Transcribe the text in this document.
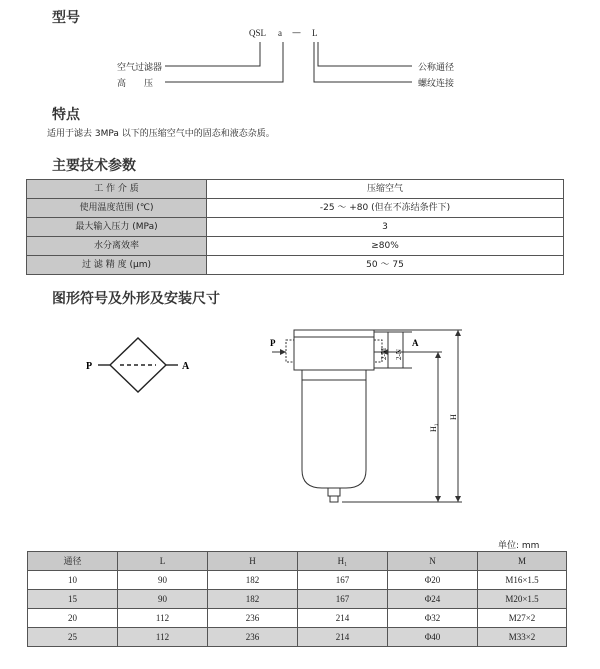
型号
QSL a — L
空气过滤器
高　　压
公称通径
螺纹连接
特点
适用于滤去 3MPa 以下的压缩空气中的固态和液态杂质。
主要技术参数
工 作 介 质	压缩空气
使用温度范围 (℃)	-25 ～ +80 (但在不冻结条件下)
最大输入压力 (MPa)	3
水分离效率	≥80%
过 滤 精 度 (μm)	50 ～ 75
图形符号及外形及安装尺寸
P	A
P	A
2-M 2-N
H
H₁
单位: mm
通径	L	H	H₁	N	M
10	90	182	167	Φ20	M16×1.5
15	90	182	167	Φ24	M20×1.5
20	112	236	214	Φ32	M27×2
25	112	236	214	Φ40	M33×2
